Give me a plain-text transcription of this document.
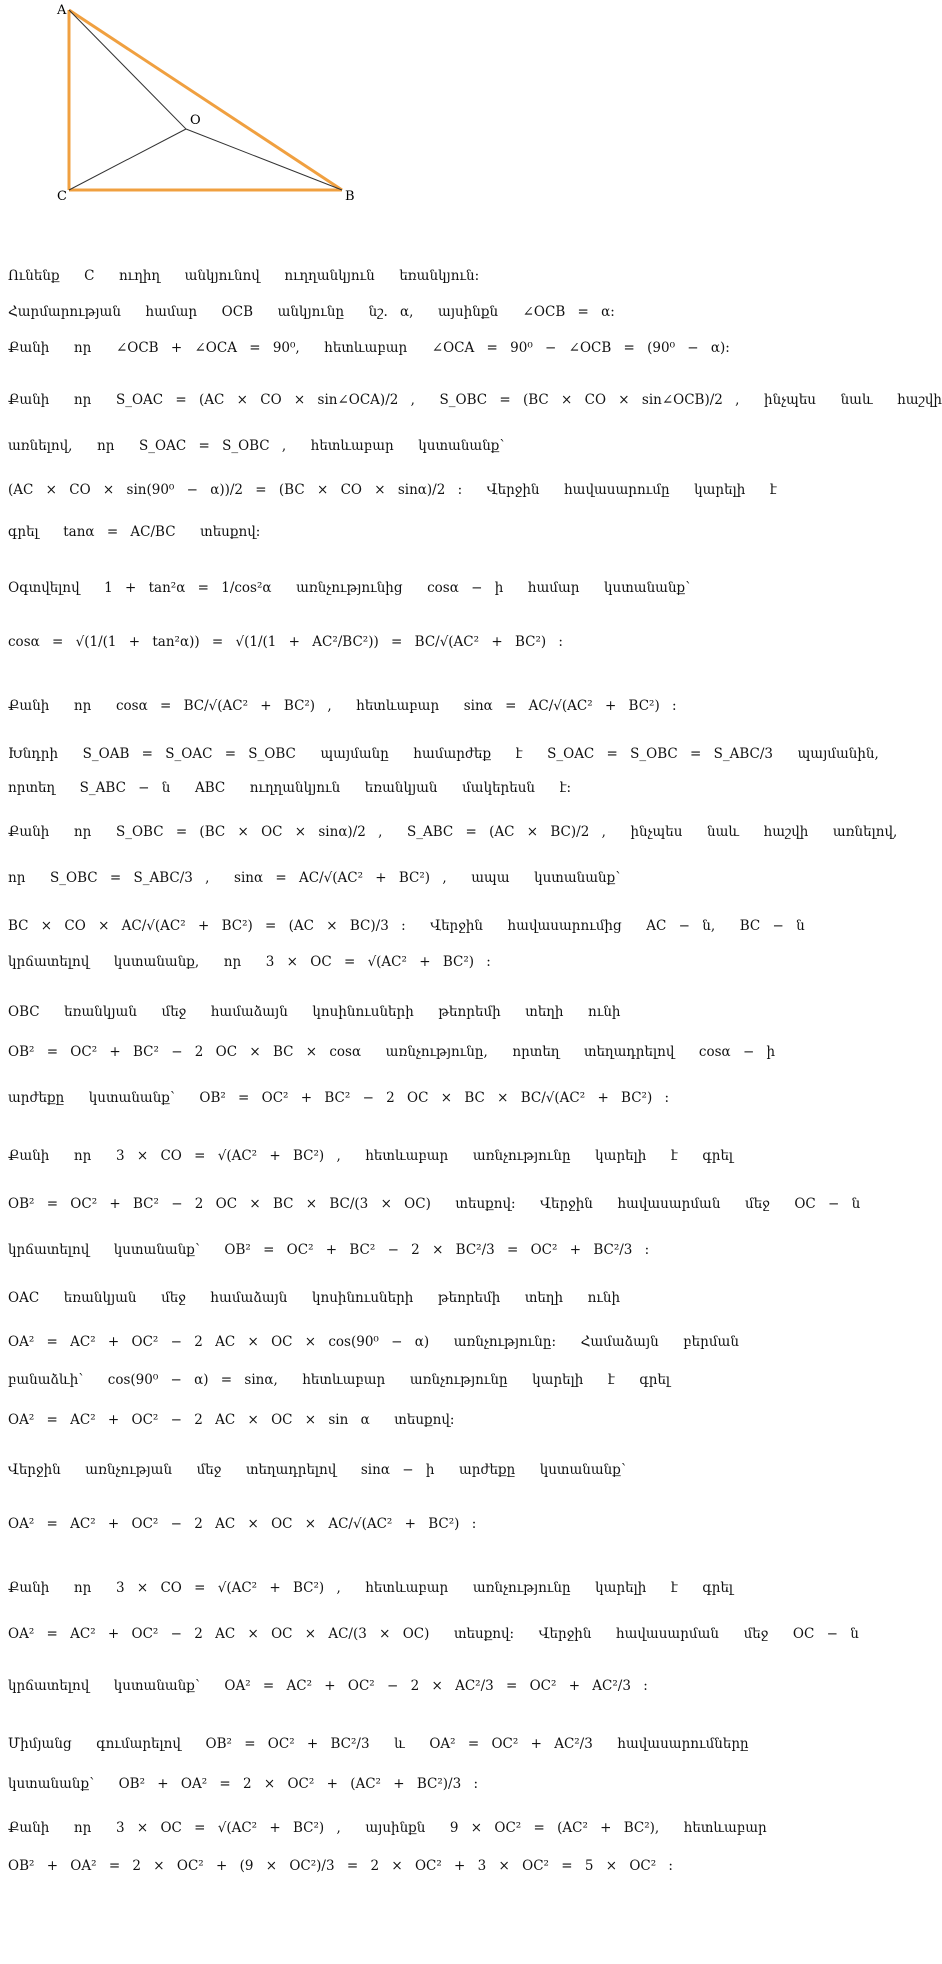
A
O
C	B
Ունենք  C  ուղիղ  անկյունով  ուղղանկյուն  եռանկյուն։
Հարմարության  համար  OCB  անկյունը  նշ. α,  այսինքն  ∠OCB = α։
Քանի  որ  ∠OCB + ∠OCA = 90⁰,  հետևաբար  ∠OCA = 90⁰ − ∠OCB = (90⁰ − α)։
Քանի  որ  S_OAC = (AC × CO × sin∠OCA)/2 ,  S_OBC = (BC × CO × sin∠OCB)/2 ,  ինչպես  նաև  հաշվի
առնելով,  որ  S_OAC = S_OBC ,  հետևաբար  կստանանք՝
(AC × CO × sin(90⁰ − α))/2 = (BC × CO × sinα)/2 ։  Վերջին  հավասարումը  կարելի  է
գրել  tanα = AC/BC  տեսքով։
Օգտվելով  1 + tan²α = 1/cos²α  առնչությունից  cosα − ի  համար  կստանանք՝
cosα = √(1/(1 + tan²α)) = √(1/(1 + AC²/BC²)) = BC/√(AC² + BC²) ։
Քանի  որ  cosα = BC/√(AC² + BC²) ,  հետևաբար  sinα = AC/√(AC² + BC²) ։
Խնդրի  S_OAB = S_OAC = S_OBC  պայմանը  համարժեք  է  S_OAC = S_OBC = S_ABC/3  պայմանին,
որտեղ  S_ABC − ն  ABC  ուղղանկյուն  եռանկյան  մակերեսն  է։
Քանի  որ  S_OBC = (BC × OC × sinα)/2 ,  S_ABC = (AC × BC)/2 ,  ինչպես  նաև  հաշվի  առնելով,
որ  S_OBC = S_ABC/3 ,  sinα = AC/√(AC² + BC²) ,  ապա  կստանանք՝
BC × CO × AC/√(AC² + BC²) = (AC × BC)/3 ։  Վերջին  հավասարումից  AC − ն,  BC − ն
կրճատելով  կստանանք,  որ  3 × OC = √(AC² + BC²) ։
OBC  եռանկյան  մեջ  համաձայն  կոսինուսների  թեորեմի  տեղի  ունի
OB² = OC² + BC² − 2 OC × BC × cosα  առնչությունը,  որտեղ  տեղադրելով  cosα − ի
արժեքը  կստանանք՝  OB² = OC² + BC² − 2 OC × BC × BC/√(AC² + BC²) ։
Քանի  որ  3 × CO = √(AC² + BC²) ,  հետևաբար  առնչությունը  կարելի  է  գրել
OB² = OC² + BC² − 2 OC × BC × BC/(3 × OC)  տեսքով։  Վերջին  հավասարման  մեջ  OC − ն
կրճատելով  կստանանք՝  OB² = OC² + BC² − 2 × BC²/3 = OC² + BC²/3 ։
OAC  եռանկյան  մեջ  համաձայն  կոսինուսների  թեորեմի  տեղի  ունի
OA² = AC² + OC² − 2 AC × OC × cos(90⁰ − α)  առնչությունը։  Համաձայն  բերման
բանաձևի՝  cos(90⁰ − α) = sinα,  հետևաբար  առնչությունը  կարելի  է  գրել
OA² = AC² + OC² − 2 AC × OC × sin α  տեսքով։
Վերջին  առնչության  մեջ  տեղադրելով  sinα − ի  արժեքը  կստանանք՝
OA² = AC² + OC² − 2 AC × OC × AC/√(AC² + BC²) ։
Քանի  որ  3 × CO = √(AC² + BC²) ,  հետևաբար  առնչությունը  կարելի  է  գրել
OA² = AC² + OC² − 2 AC × OC × AC/(3 × OC)  տեսքով։  Վերջին  հավասարման  մեջ  OC − ն
կրճատելով  կստանանք՝  OA² = AC² + OC² − 2 × AC²/3 = OC² + AC²/3 ։
Միմյանց  գումարելով  OB² = OC² + BC²/3  և  OA² = OC² + AC²/3  հավասարումները
կստանանք՝  OB² + OA² = 2 × OC² + (AC² + BC²)/3 ։
Քանի  որ  3 × OC = √(AC² + BC²) ,  այսինքն  9 × OC² = (AC² + BC²),  հետևաբար
OB² + OA² = 2 × OC² + (9 × OC²)/3 = 2 × OC² + 3 × OC² = 5 × OC² ։
